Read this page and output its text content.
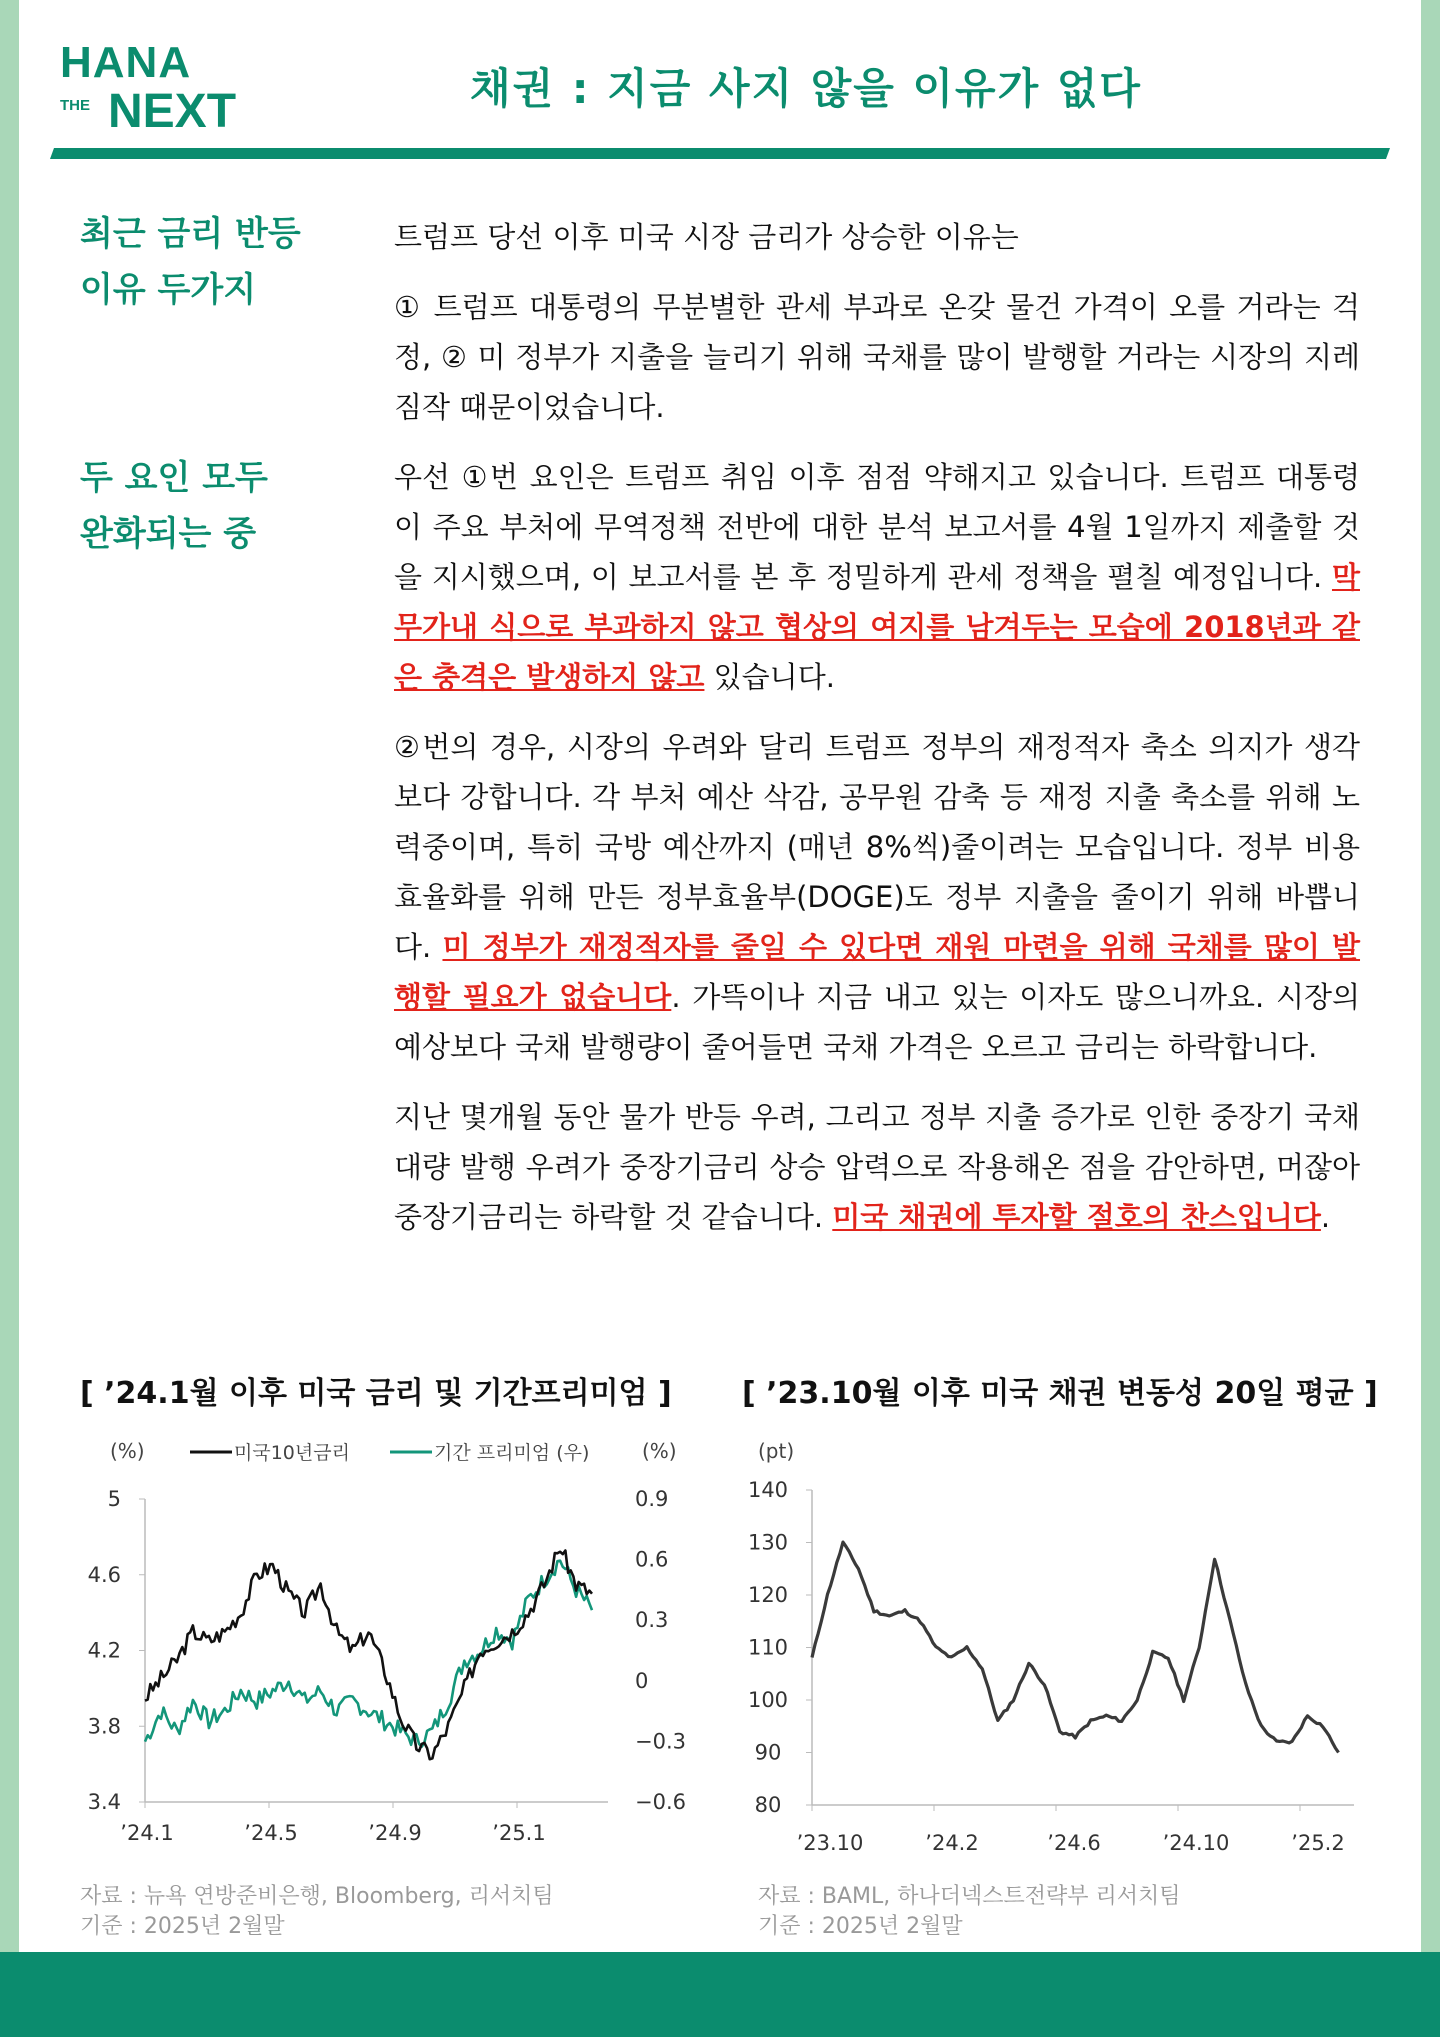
HANA
THE NEXT	채권 : 지금 사지 않을 이유가 없다
최근 금리 반등
이유 두가지
두 요인 모두
완화되는 중

트럼프 당선 이후 미국 시장 금리가 상승한 이유는

① 트럼프 대통령의 무분별한 관세 부과로 온갖 물건 가격이 오를 거라는 걱정, ② 미 정부가 지출을 늘리기 위해 국채를 많이 발행할 거라는 시장의 지레짐작 때문이었습니다.

우선 ①번 요인은 트럼프 취임 이후 점점 약해지고 있습니다. 트럼프 대통령이 주요 부처에 무역정책 전반에 대한 분석 보고서를 4월 1일까지 제출할 것을 지시했으며, 이 보고서를 본 후 정밀하게 관세 정책을 펼칠 예정입니다. 막무가내 식으로 부과하지 않고 협상의 여지를 남겨두는 모습에 2018년과 같은 충격은 발생하지 않고 있습니다.

②번의 경우, 시장의 우려와 달리 트럼프 정부의 재정적자 축소 의지가 생각보다 강합니다. 각 부처 예산 삭감, 공무원 감축 등 재정 지출 축소를 위해 노력중이며, 특히 국방 예산까지 (매년 8%씩)줄이려는 모습입니다. 정부 비용 효율화를 위해 만든 정부효율부(DOGE)도 정부 지출을 줄이기 위해 바쁩니다. 미 정부가 재정적자를 줄일 수 있다면 재원 마련을 위해 국채를 많이 발행할 필요가 없습니다. 가뜩이나 지금 내고 있는 이자도 많으니까요. 시장의 예상보다 국채 발행량이 줄어들면 국채 가격은 오르고 금리는 하락합니다.

지난 몇개월 동안 물가 반등 우려, 그리고 정부 지출 증가로 인한 중장기 국채 대량 발행 우려가 중장기금리 상승 압력으로 작용해온 점을 감안하면, 머잖아 중장기금리는 하락할 것 같습니다. 미국 채권에 투자할 절호의 찬스입니다.

[ ’24.1월 이후 미국 금리 및 기간프리미엄 ] [ ’23.10월 이후 미국 채권 변동성 20일 평균 ]
(%)	(%)
미국10년금리	기간 프리미엄 (우)
5
4.6
4.2
3.8
3.4
0.9
0.6
0.3
0
−0.3
−0.6
’24.1	’24.5	’24.9	’25.1
(pt)
140
130
120
110
100
90
80
’23.10	’24.2	’24.6	’24.10	’25.2
자료 : 뉴욕 연방준비은행, Bloomberg, 리서치팀
기준 : 2025년 2월말
자료 : BAML, 하나더넥스트전략부 리서치팀
기준 : 2025년 2월말
